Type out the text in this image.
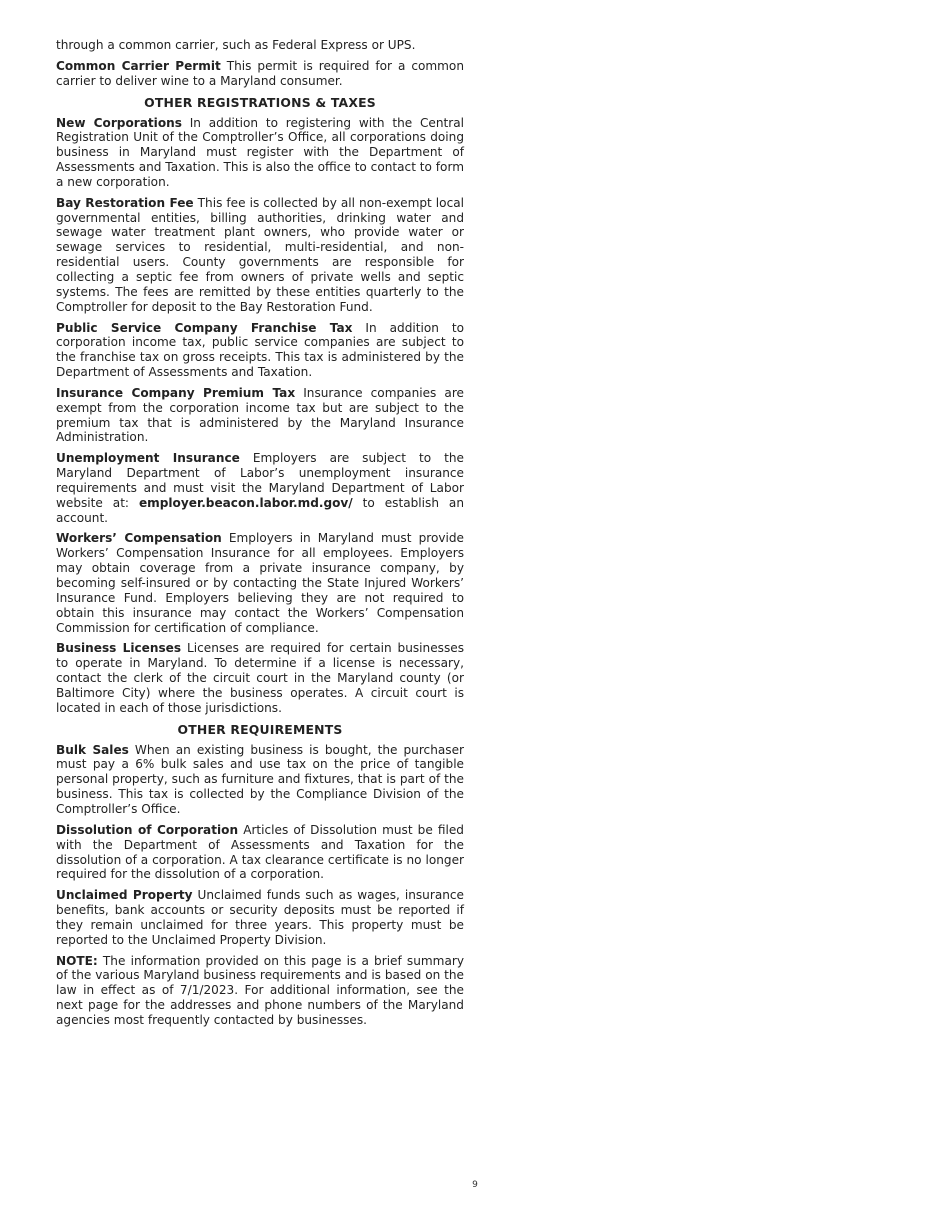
through a common carrier, such as Federal Express or UPS.

Common Carrier Permit This permit is required for a common carrier to deliver wine to a Maryland consumer.

OTHER REGISTRATIONS & TAXES

New Corporations In addition to registering with the Central Registration Unit of the Comptroller’s Office, all corporations doing business in Maryland must register with the Department of Assessments and Taxation. This is also the office to contact to form a new corporation.

Bay Restoration Fee This fee is collected by all non-exempt local governmental entities, billing authorities, drinking water and sewage water treatment plant owners, who provide water or sewage services to residential, multi-residential, and non-residential users. County governments are responsible for collecting a septic fee from owners of private wells and septic systems. The fees are remitted by these entities quarterly to the Comptroller for deposit to the Bay Restoration Fund.

Public Service Company Franchise Tax In addition to corporation income tax, public service companies are subject to the franchise tax on gross receipts. This tax is administered by the Department of Assessments and Taxation.

Insurance Company Premium Tax Insurance companies are exempt from the corporation income tax but are subject to the premium tax that is administered by the Maryland Insurance Administration.

Unemployment Insurance Employers are subject to the Maryland Department of Labor’s unemployment insurance requirements and must visit the Maryland Department of Labor website at: employer.beacon.labor.md.gov/ to establish an account.

Workers’ Compensation Employers in Maryland must provide Workers’ Compensation Insurance for all employees. Employers may obtain coverage from a private insurance company, by becoming self-insured or by contacting the State Injured Workers’ Insurance Fund. Employers believing they are not required to obtain this insurance may contact the Workers’ Compensation Commission for certification of compliance.

Business Licenses Licenses are required for certain businesses to operate in Maryland. To determine if a license is necessary, contact the clerk of the circuit court in the Maryland county (or Baltimore City) where the business operates. A circuit court is located in each of those jurisdictions.

OTHER REQUIREMENTS

Bulk Sales When an existing business is bought, the purchaser must pay a 6% bulk sales and use tax on the price of tangible personal property, such as furniture and fixtures, that is part of the business. This tax is collected by the Compliance Division of the Comptroller’s Office.

Dissolution of Corporation Articles of Dissolution must be filed with the Department of Assessments and Taxation for the dissolution of a corporation. A tax clearance certificate is no longer required for the dissolution of a corporation.

Unclaimed Property Unclaimed funds such as wages, insurance benefits, bank accounts or security deposits must be reported if they remain unclaimed for three years. This property must be reported to the Unclaimed Property Division.

NOTE: The information provided on this page is a brief summary of the various Maryland business requirements and is based on the law in effect as of 7/1/2023. For additional information, see the next page for the addresses and phone numbers of the Maryland agencies most frequently contacted by businesses.

9
